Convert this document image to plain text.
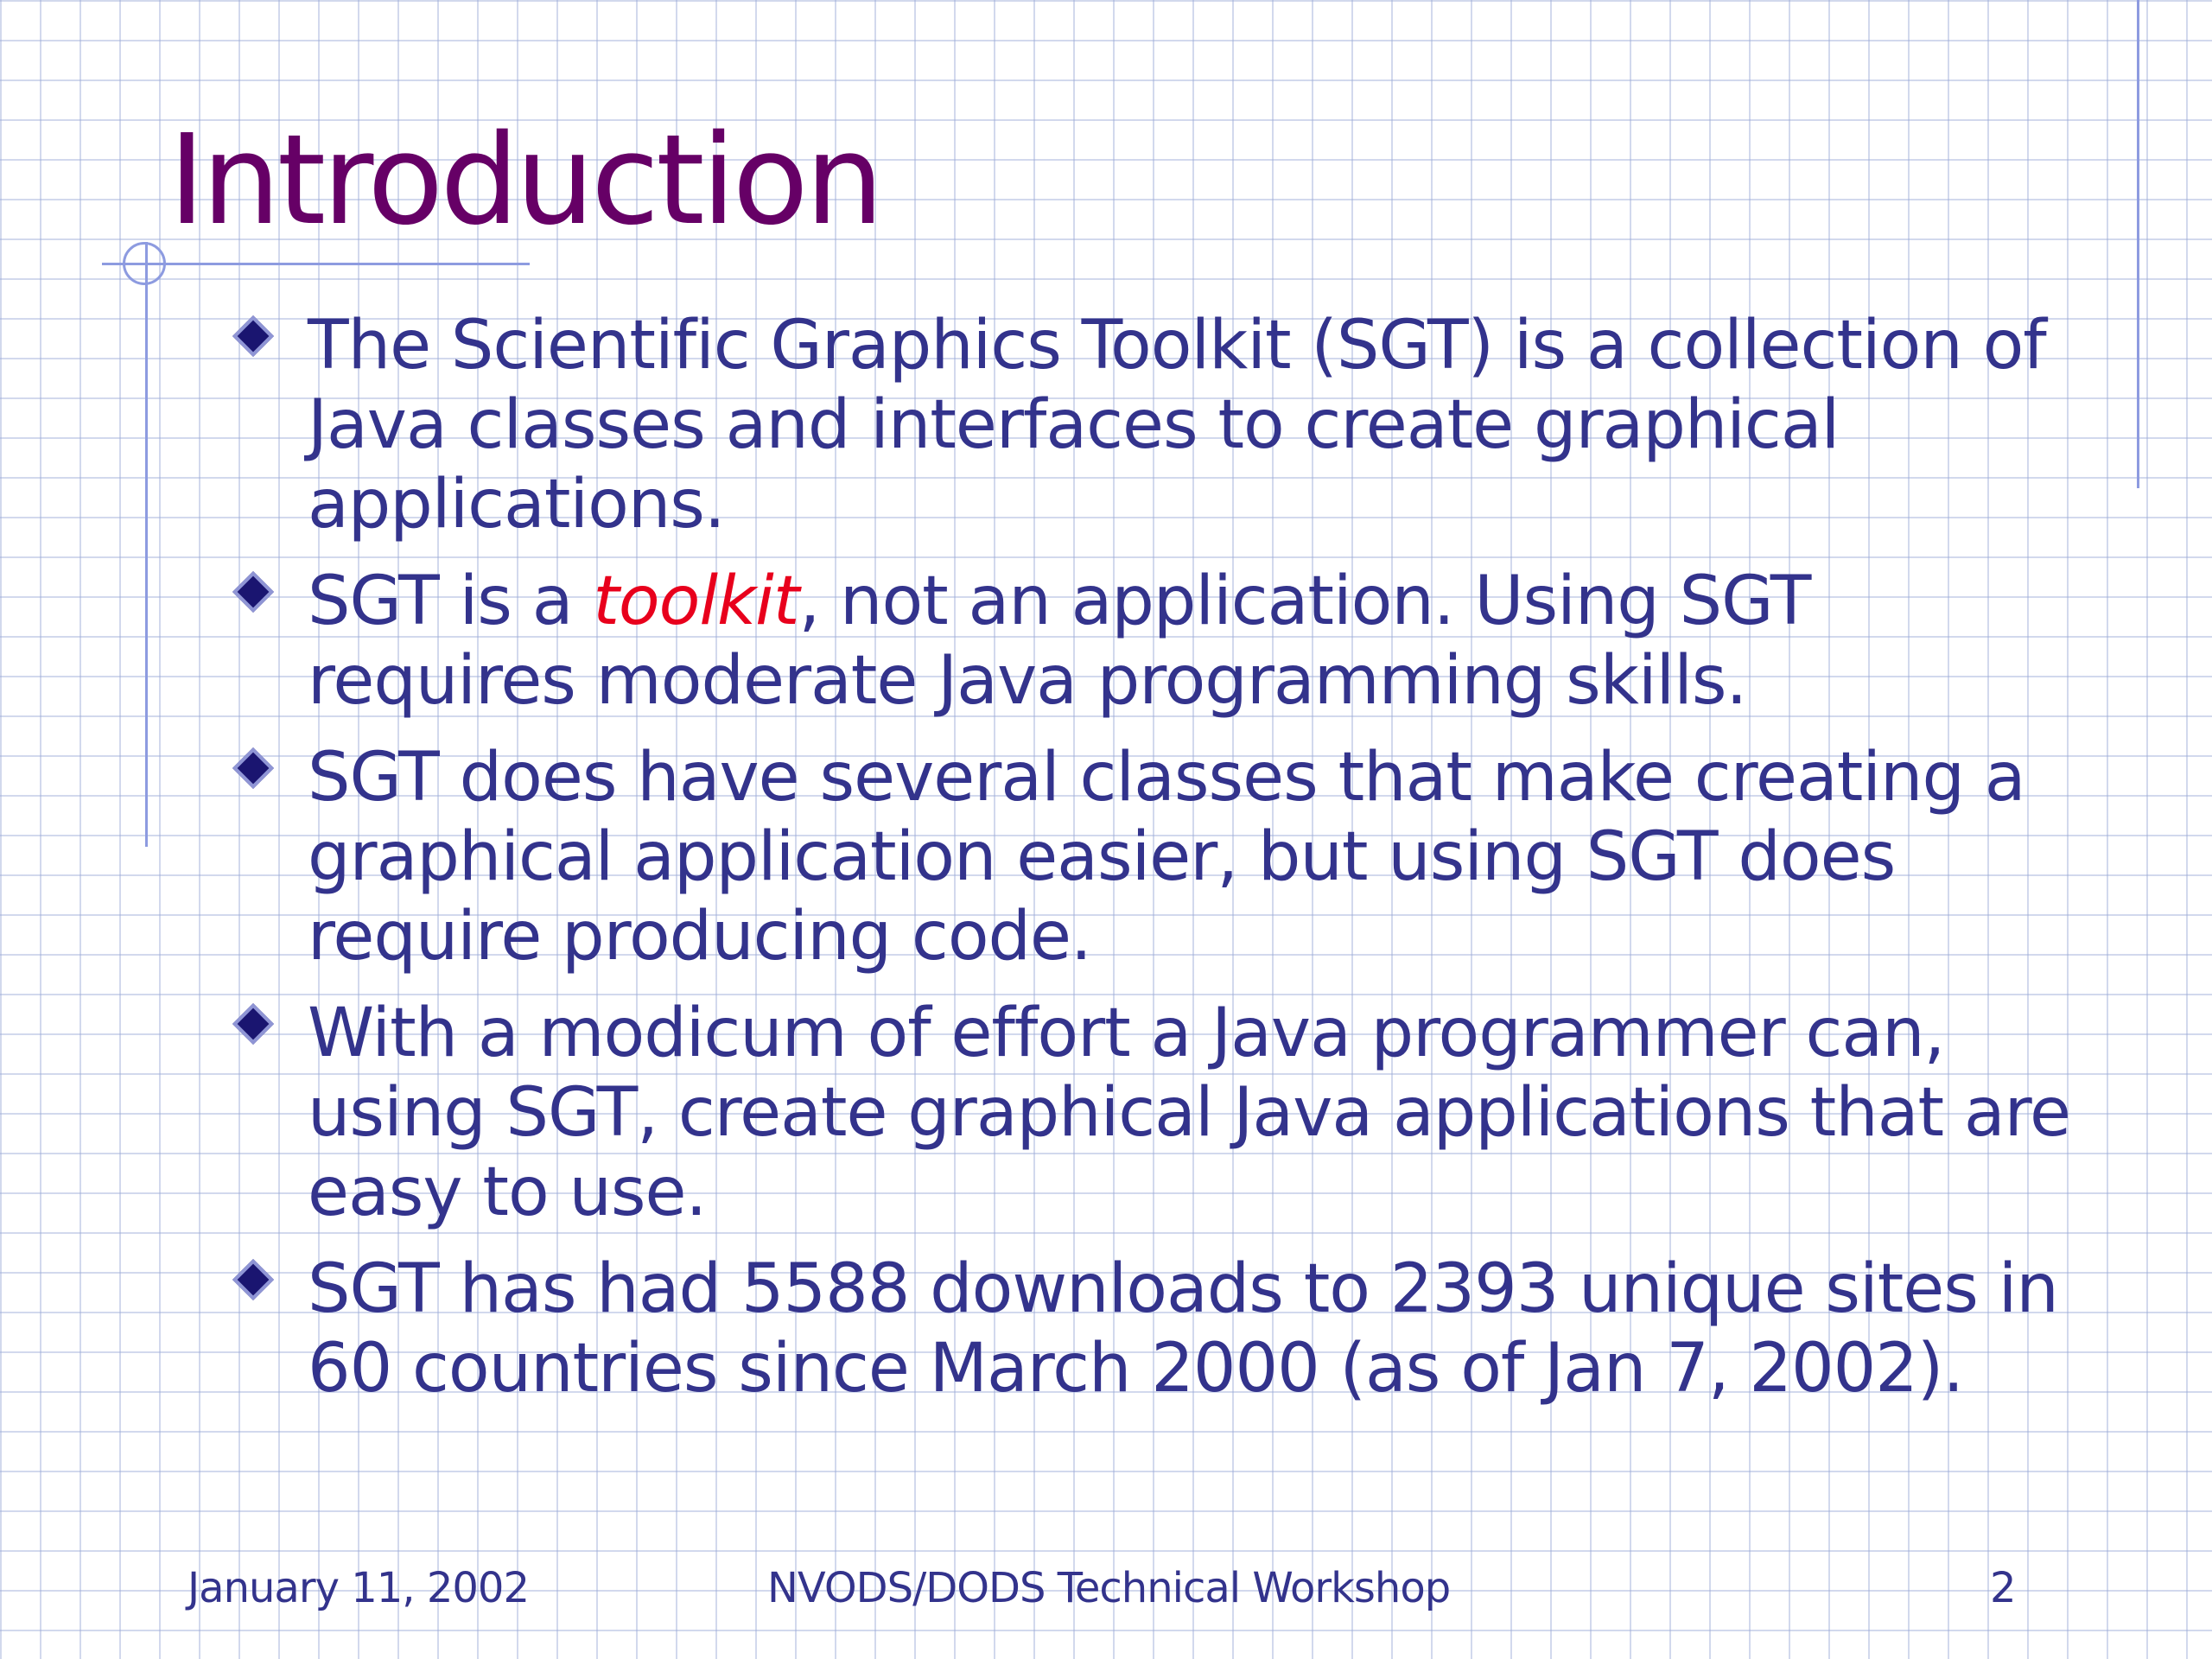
Introduction
The Scientific Graphics Toolkit (SGT) is a collection of
Java classes and interfaces to create graphical
applications.
SGT is a toolkit, not an application. Using SGT
requires moderate Java programming skills.
SGT does have several classes that make creating a
graphical application easier, but using SGT does
require producing code.
With a modicum of effort a Java programmer can,
using SGT, create graphical Java applications that are
easy to use.
SGT has had 5588 downloads to 2393 unique sites in
60 countries since March 2000 (as of Jan 7, 2002).
January 11, 2002	NVODS/DODS Technical Workshop	2
